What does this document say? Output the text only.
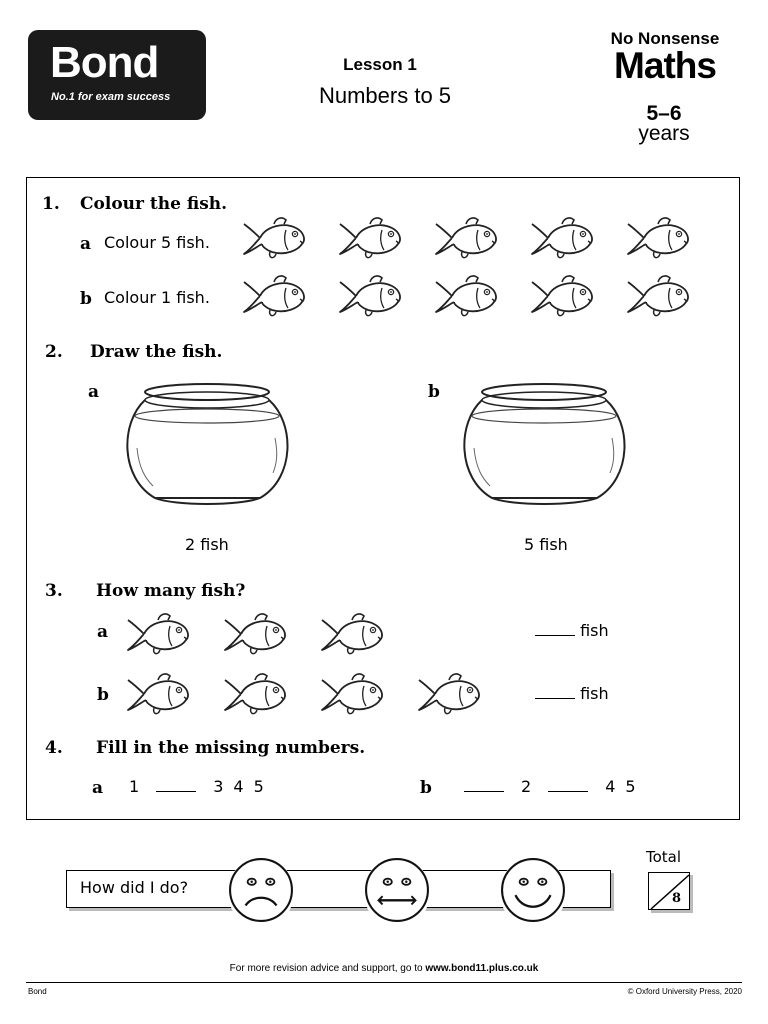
Bond
No.1 for exam success
Lesson 1
Numbers to 5
No Nonsense
Maths
5–6
years
1. Colour the fish.
a Colour 5 fish.
b Colour 1 fish.
2. Draw the fish.
a
2 fish
b
5 fish
3. How many fish?
a	fish
b	fish
4. Fill in the missing numbers.
a	1	3 4 5	b	2	4 5
How did I do?
Total
8
For more revision advice and support, go to www.bond11.plus.co.uk
Bond	© Oxford University Press, 2020
